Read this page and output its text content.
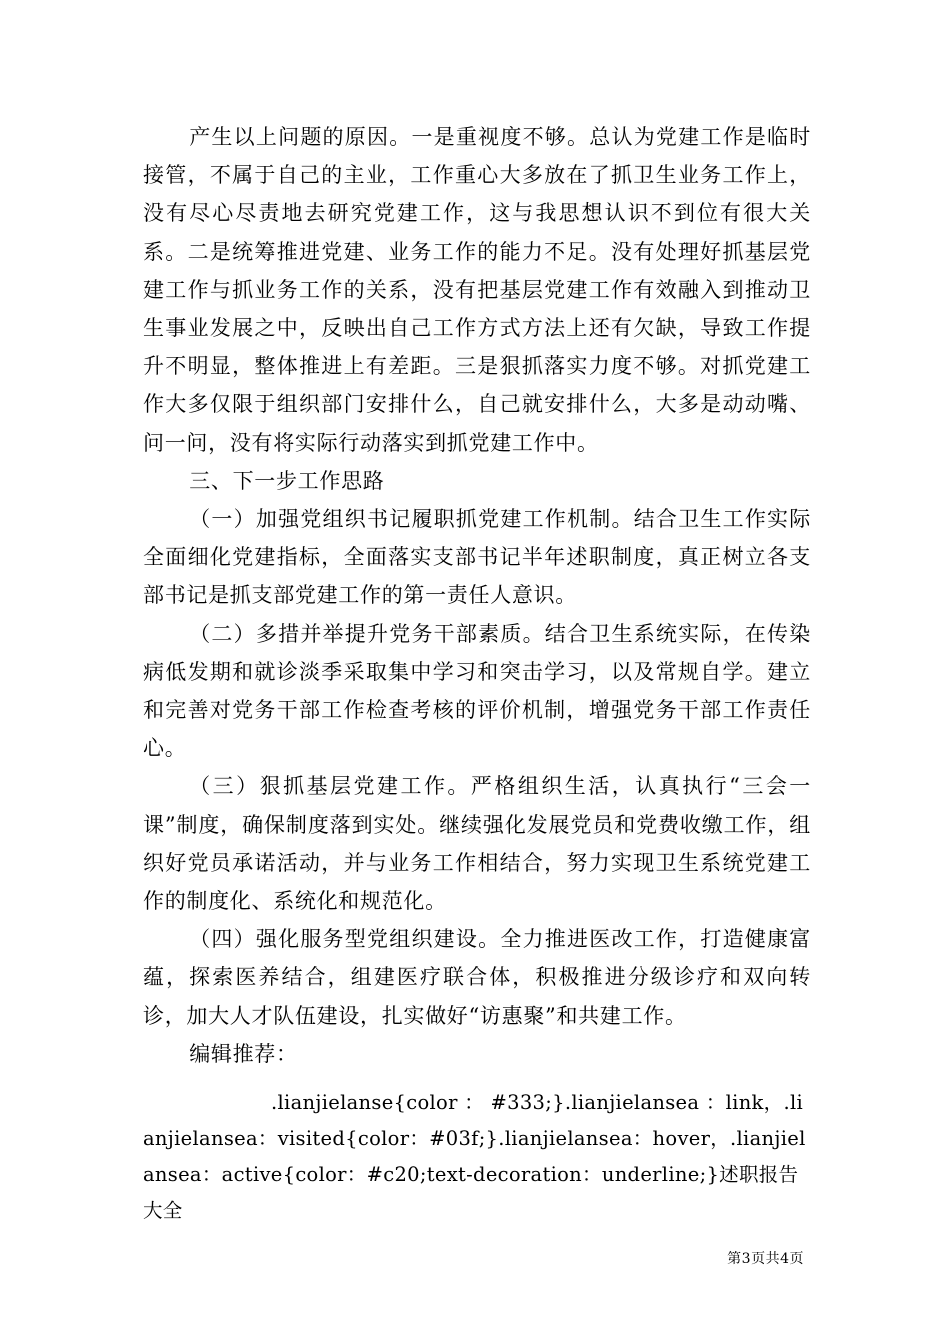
产生以上问题的原因。一是重视度不够。总认为党建工作是临时接管，不属于自己的主业，工作重心大多放在了抓卫生业务工作上，没有尽心尽责地去研究党建工作，这与我思想认识不到位有很大关系。二是统筹推进党建、业务工作的能力不足。没有处理好抓基层党建工作与抓业务工作的关系，没有把基层党建工作有效融入到推动卫生事业发展之中，反映出自己工作方式方法上还有欠缺，导致工作提升不明显，整体推进上有差距。三是狠抓落实力度不够。对抓党建工作大多仅限于组织部门安排什么，自己就安排什么，大多是动动嘴、问一问，没有将实际行动落实到抓党建工作中。

三、下一步工作思路

（一）加强党组织书记履职抓党建工作机制。结合卫生工作实际全面细化党建指标，全面落实支部书记半年述职制度，真正树立各支部书记是抓支部党建工作的第一责任人意识。

（二）多措并举提升党务干部素质。结合卫生系统实际，在传染病低发期和就诊淡季采取集中学习和突击学习，以及常规自学。建立和完善对党务干部工作检查考核的评价机制，增强党务干部工作责任心。

（三）狠抓基层党建工作。严格组织生活，认真执行“三会一课”制度，确保制度落到实处。继续强化发展党员和党费收缴工作，组织好党员承诺活动，并与业务工作相结合，努力实现卫生系统党建工作的制度化、系统化和规范化。

（四）强化服务型党组织建设。全力推进医改工作，打造健康富蕴，探索医养结合，组建医疗联合体，积极推进分级诊疗和双向转诊，加大人才队伍建设，扎实做好“访惠聚”和共建工作。

编辑推荐：

.lianjielanse{color ： #333;}.lianjielansea ：link，.lianjielansea：visited{color：#03f;}.lianjielansea：hover，.lianjielansea：active{color：#c20;text-decoration：underline;}述职报告大全

第3页共4页
